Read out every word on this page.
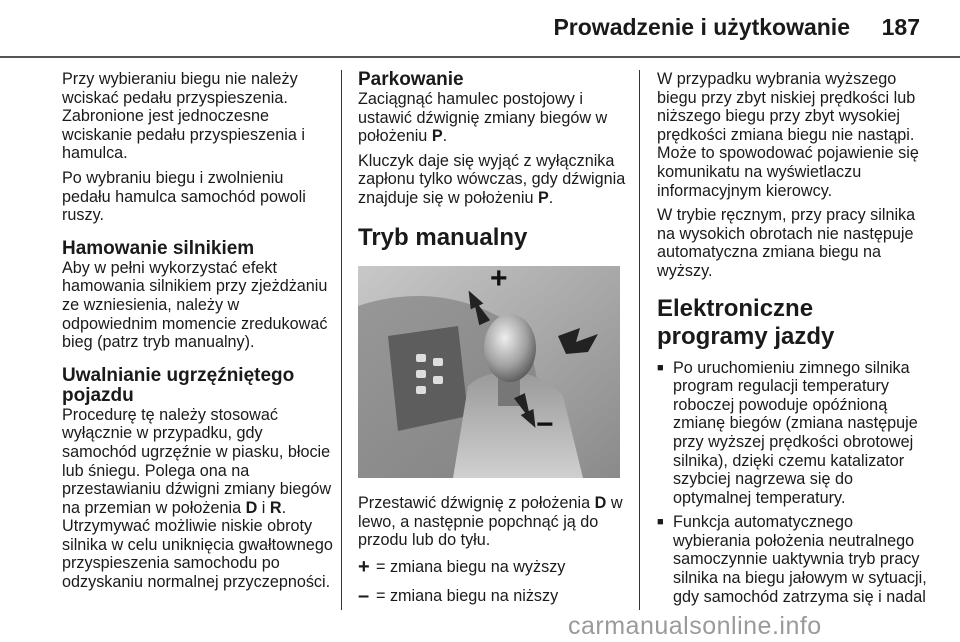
Prowadzenie i użytkowanie 187

Przy wybieraniu biegu nie należy wciskać pedału przyspieszenia. Zabronione jest jednoczesne wciskanie pedału przyspieszenia i hamulca.

Po wybraniu biegu i zwolnieniu pedału hamulca samochód powoli ruszy.

Hamowanie silnikiem

Aby w pełni wykorzystać efekt hamowania silnikiem przy zjeżdżaniu ze wzniesienia, należy w odpowiednim momencie zredukować bieg (patrz tryb manualny).

Uwalnianie ugrzęźniętego pojazdu

Procedurę tę należy stosować wyłącznie w przypadku, gdy samochód ugrzęźnie w piasku, błocie lub śniegu. Polega ona na przestawianiu dźwigni zmiany biegów na przemian w położenia D i R. Utrzymywać możliwie niskie obroty silnika w celu uniknięcia gwałtownego przyspieszenia samochodu po odzyskaniu normalnej przyczepności.

Parkowanie

Zaciągnąć hamulec postojowy i ustawić dźwignię zmiany biegów w położeniu P.

Kluczyk daje się wyjąć z wyłącznika zapłonu tylko wówczas, gdy dźwignia znajduje się w położeniu P.

Tryb manualny
+
−

Przestawić dźwignię z położenia D w lewo, a następnie popchnąć ją do przodu lub do tyłu.

+ = zmiana biegu na wyższy
– = zmiana biegu na niższy

W przypadku wybrania wyższego biegu przy zbyt niskiej prędkości lub niższego biegu przy zbyt wysokiej prędkości zmiana biegu nie nastąpi. Może to spowodować pojawienie się komunikatu na wyświetlaczu informacyjnym kierowcy.

W trybie ręcznym, przy pracy silnika na wysokich obrotach nie następuje automatyczna zmiana biegu na wyższy.

Elektroniczne programy jazdy
■ Po uruchomieniu zimnego silnika program regulacji temperatury roboczej powoduje opóźnioną zmianę biegów (zmiana następuje przy wyższej prędkości obrotowej silnika), dzięki czemu katalizator szybciej nagrzewa się do optymalnej temperatury.
■ Funkcja automatycznego wybierania położenia neutralnego samoczynnie uaktywnia tryb pracy silnika na biegu jałowym w sytuacji, gdy samochód zatrzyma się i nadal
carmanualsonline.info
